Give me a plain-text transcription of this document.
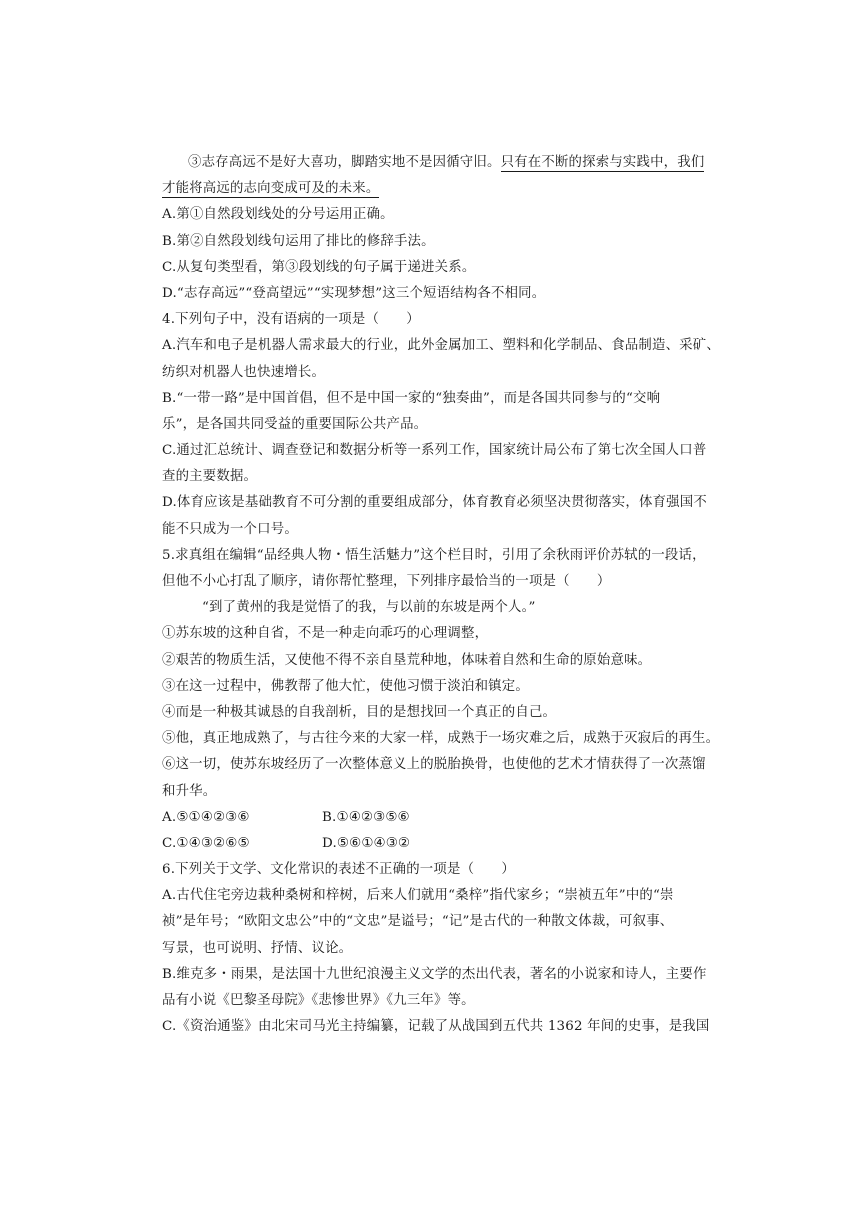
③志存高远不是好大喜功，脚踏实地不是因循守旧。只有在不断的探索与实践中，我们
才能将高远的志向变成可及的未来。
A.第①自然段划线处的分号运用正确。
B.第②自然段划线句运用了排比的修辞手法。
C.从复句类型看，第③段划线的句子属于递进关系。
D.“志存高远”“登高望远”“实现梦想”这三个短语结构各不相同。
4.下列句子中，没有语病的一项是（　　）
A.汽车和电子是机器人需求最大的行业，此外金属加工、塑料和化学制品、食品制造、采矿、
纺织对机器人也快速增长。
B.“一带一路”是中国首倡，但不是中国一家的“独奏曲”，而是各国共同参与的“交响
乐”，是各国共同受益的重要国际公共产品。
C.通过汇总统计、调查登记和数据分析等一系列工作，国家统计局公布了第七次全国人口普
查的主要数据。
D.体育应该是基础教育不可分割的重要组成部分，体育教育必须坚决贯彻落实，体育强国不
能不只成为一个口号。
5.求真组在编辑“品经典人物・悟生活魅力”这个栏目时，引用了余秋雨评价苏轼的一段话，
但他不小心打乱了顺序，请你帮忙整理，下列排序最恰当的一项是（　　）
“到了黄州的我是觉悟了的我，与以前的东坡是两个人。”
①苏东坡的这种自省，不是一种走向乖巧的心理调整，
②艰苦的物质生活，又使他不得不亲自垦荒种地，体味着自然和生命的原始意味。
③在这一过程中，佛教帮了他大忙，使他习惯于淡泊和镇定。
④而是一种极其诚恳的自我剖析，目的是想找回一个真正的自己。
⑤他，真正地成熟了，与古往今来的大家一样，成熟于一场灾难之后，成熟于灭寂后的再生。
⑥这一切，使苏东坡经历了一次整体意义上的脱胎换骨，也使他的艺术才情获得了一次蒸馏
和升华。
A.⑤①④②③⑥	B.①④②③⑤⑥
C.①④③②⑥⑤	D.⑤⑥①④③②
6.下列关于文学、文化常识的表述不正确的一项是（　　）
A.古代住宅旁边栽种桑树和梓树，后来人们就用“桑梓”指代家乡；“崇祯五年”中的“崇
祯”是年号；“欧阳文忠公”中的“文忠”是谥号；“记”是古代的一种散文体裁，可叙事、
写景，也可说明、抒情、议论。
B.维克多・雨果，是法国十九世纪浪漫主义文学的杰出代表，著名的小说家和诗人，主要作
品有小说《巴黎圣母院》《悲惨世界》《九三年》等。
C.《资治通鉴》由北宋司马光主持编纂，记载了从战国到五代共 1362 年间的史事，是我国
